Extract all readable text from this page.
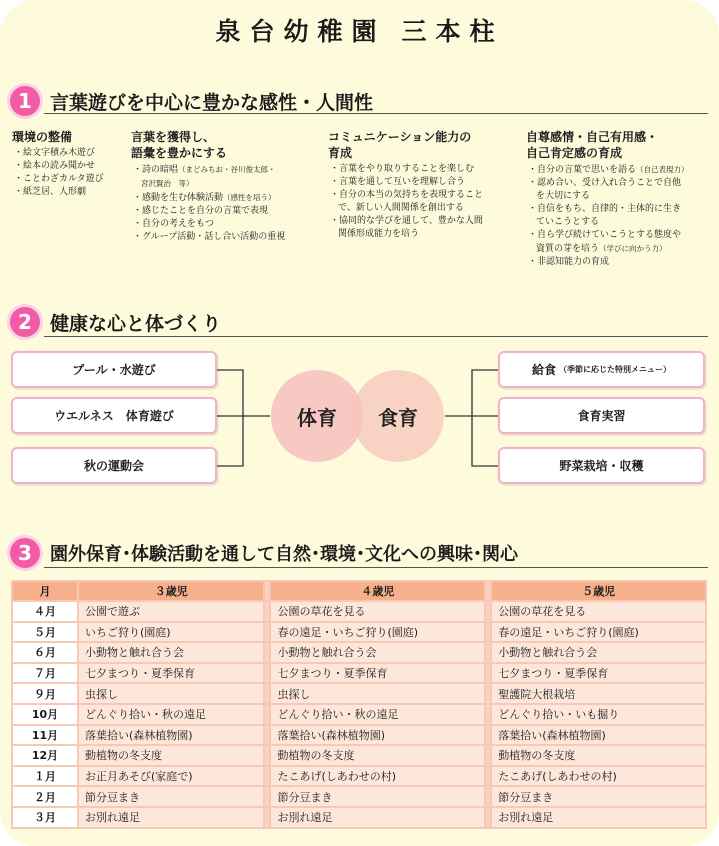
泉台幼稚園 三本柱
1 言葉遊びを中心に豊かな感性・人間性
環境の整備
・ 絵文字積み木遊び
・ 絵本の読み聞かせ
・ ことわざカルタ遊び
・ 紙芝居、人形劇
言葉を獲得し、
語彙を豊かにする
・ 詩の暗唱（まどみちお・谷川俊太郎・
宮沢賢治　等）
・ 感動を生む体験活動（感性を培う）
・ 感じたことを自分の言葉で表現
・ 自分の考えをもつ
・ グループ活動・話し合い活動の重視
コミュニケーション能力の
育成
・ 言葉をやり取りすることを楽しむ
・ 言葉を通して互いを理解し合う
・ 自分の本当の気持ちを表現すること
で、新しい人間関係を創出する
・ 協同的な学びを通して、豊かな人間
関係形成能力を培う
自尊感情・自己有用感・
自己肯定感の育成
・ 自分の言葉で思いを語る（自己表現力）
・ 認め合い、受け入れ合うことで自他
を大切にする
・ 自信をもち、自律的・主体的に生き
ていこうとする
・ 自ら学び続けていこうとする態度や
資質の芽を培う（学びに向かう力）
・ 非認知能力の育成
2 健康な心と体づくり
プール・水遊び
ウエルネス　体育遊び
秋の運動会
体育	食育
給食 （季節に応じた特別メニュー）
食育実習
野菜栽培・収穫
3	園外保育･体験活動を通して自然･環境･文化への興味･関心
月	３歳児		４歳児		５歳児
４月	公園で遊ぶ		公園の草花を見る		公園の草花を見る
５月	いちご狩り(園庭)		春の遠足・いちご狩り(園庭)		春の遠足・いちご狩り(園庭)
６月	小動物と触れ合う会		小動物と触れ合う会		小動物と触れ合う会
７月	七夕まつり・夏季保育		七夕まつり・夏季保育		七夕まつり・夏季保育
９月	虫探し		虫探し		聖護院大根栽培
10月	どんぐり拾い・秋の遠足		どんぐり拾い・秋の遠足		どんぐり拾い・いも掘り
11月	落葉拾い(森林植物園)		落葉拾い(森林植物園)		落葉拾い(森林植物園)
12月	動植物の冬支度		動植物の冬支度		動植物の冬支度
１月	お正月あそび(家庭で)		たこあげ(しあわせの村)		たこあげ(しあわせの村)
２月	節分豆まき		節分豆まき		節分豆まき
３月	お別れ遠足		お別れ遠足		お別れ遠足
